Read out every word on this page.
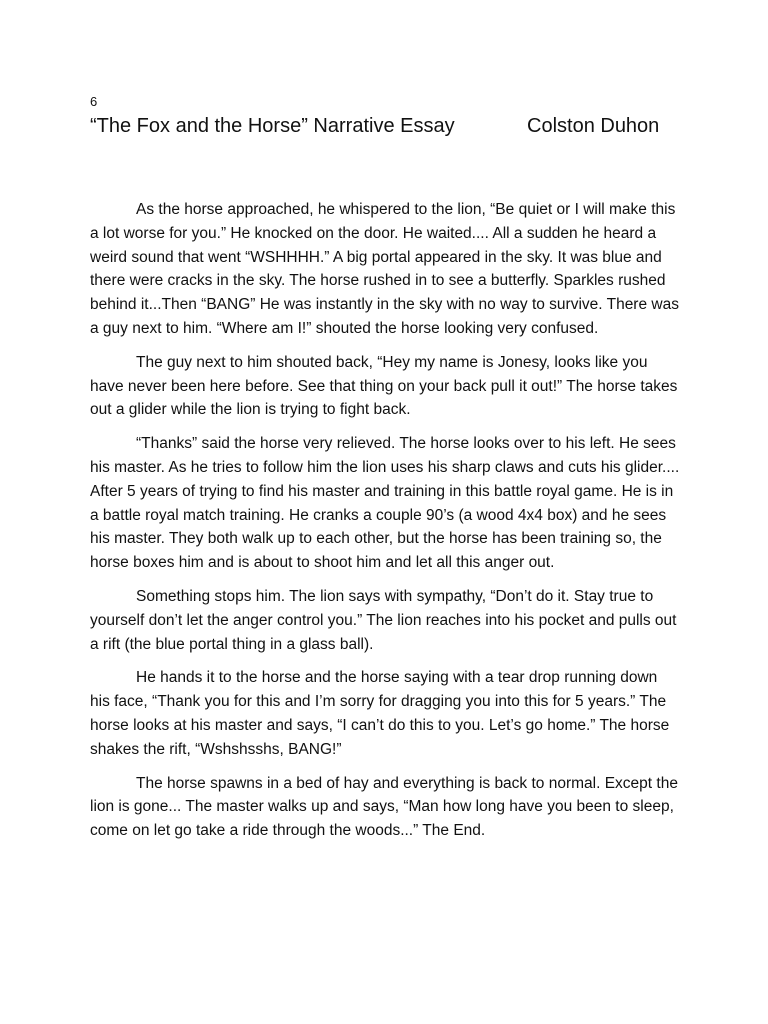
6
“The Fox and the Horse” Narrative Essay	Colston Duhon

As the horse approached, he whispered to the lion, “Be quiet or I will make this a lot worse for you.” He knocked on the door. He waited.... All a sudden he heard a weird sound that went “WSHHHH.” A big portal appeared in the sky. It was blue and there were cracks in the sky. The horse rushed in to see a butterfly. Sparkles rushed behind it...Then “BANG” He was instantly in the sky with no way to survive. There was a guy next to him. “Where am I!” shouted the horse looking very confused.

The guy next to him shouted back, “Hey my name is Jonesy, looks like you have never been here before. See that thing on your back pull it out!” The horse takes out a glider while the lion is trying to fight back.

“Thanks” said the horse very relieved. The horse looks over to his left. He sees his master. As he tries to follow him the lion uses his sharp claws and cuts his glider.... After 5 years of trying to find his master and training in this battle royal game. He is in a battle royal match training. He cranks a couple 90’s (a wood 4x4 box) and he sees his master. They both walk up to each other, but the horse has been training so, the horse boxes him and is about to shoot him and let all this anger out.

Something stops him. The lion says with sympathy, “Don’t do it. Stay true to yourself don’t let the anger control you.” The lion reaches into his pocket and pulls out a rift (the blue portal thing in a glass ball).

He hands it to the horse and the horse saying with a tear drop running down his face, “Thank you for this and I’m sorry for dragging you into this for 5 years.” The horse looks at his master and says, “I can’t do this to you. Let’s go home.” The horse shakes the rift, “Wshshsshs, BANG!”

The horse spawns in a bed of hay and everything is back to normal. Except the lion is gone... The master walks up and says, “Man how long have you been to sleep, come on let go take a ride through the woods...” The End.
